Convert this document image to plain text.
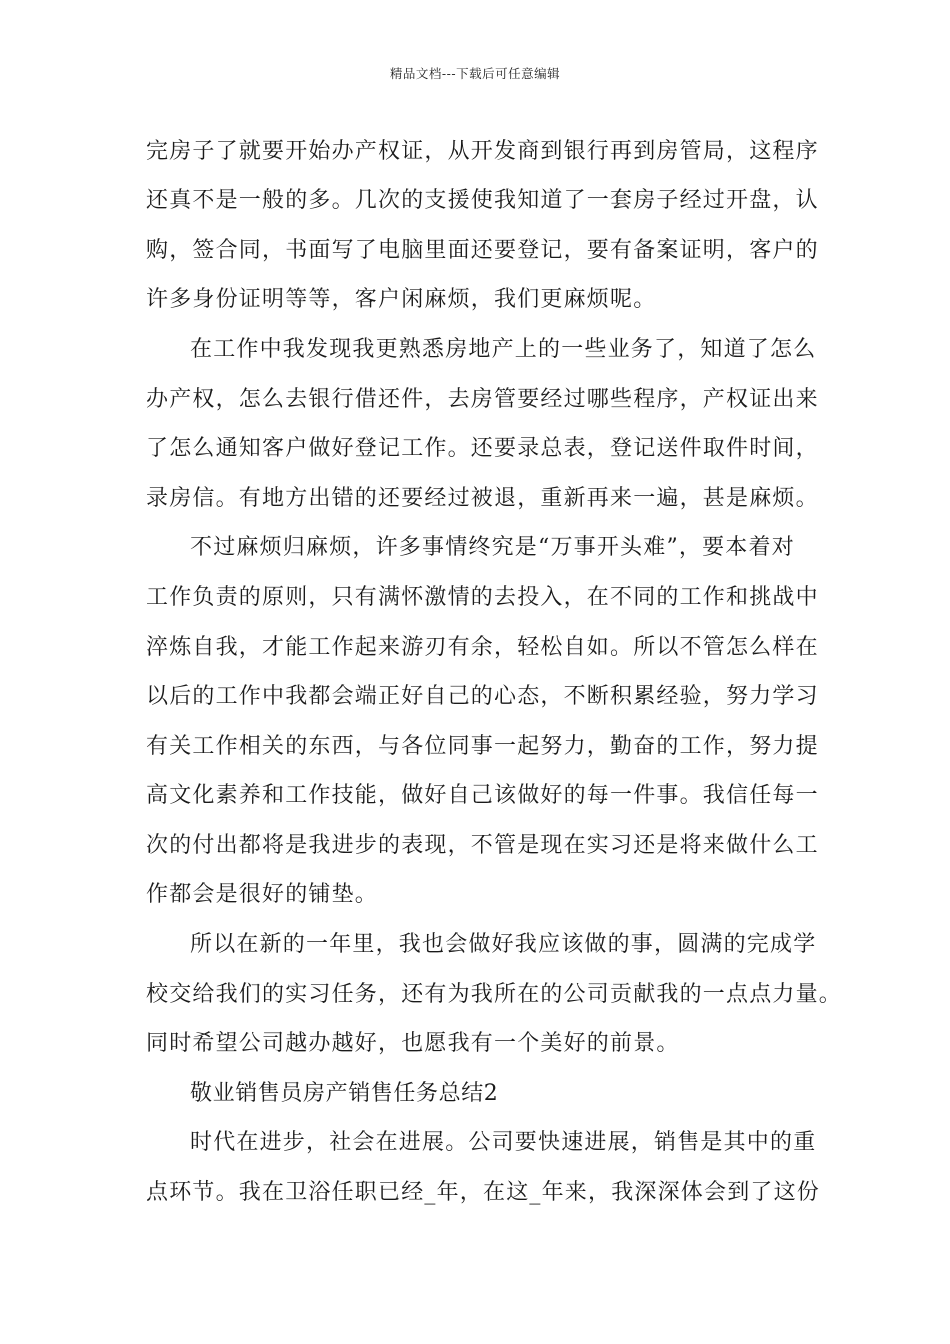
精品文档---下载后可任意编辑
完房子了就要开始办产权证，从开发商到银行再到房管局，这程序
还真不是一般的多。几次的支援使我知道了一套房子经过开盘，认
购，签合同，书面写了电脑里面还要登记，要有备案证明，客户的
许多身份证明等等，客户闲麻烦，我们更麻烦呢。
在工作中我发现我更熟悉房地产上的一些业务了，知道了怎么
办产权，怎么去银行借还件，去房管要经过哪些程序，产权证出来
了怎么通知客户做好登记工作。还要录总表，登记送件取件时间，
录房信。有地方出错的还要经过被退，重新再来一遍，甚是麻烦。
不过麻烦归麻烦，许多事情终究是“万事开头难”，要本着对
工作负责的原则，只有满怀激情的去投入，在不同的工作和挑战中
淬炼自我，才能工作起来游刃有余，轻松自如。所以不管怎么样在
以后的工作中我都会端正好自己的心态，不断积累经验，努力学习
有关工作相关的东西，与各位同事一起努力，勤奋的工作，努力提
高文化素养和工作技能，做好自己该做好的每一件事。我信任每一
次的付出都将是我进步的表现，不管是现在实习还是将来做什么工
作都会是很好的铺垫。
所以在新的一年里，我也会做好我应该做的事，圆满的完成学
校交给我们的实习任务，还有为我所在的公司贡献我的一点点力量。
同时希望公司越办越好，也愿我有一个美好的前景。
敬业销售员房产销售任务总结2
时代在进步，社会在进展。公司要快速进展，销售是其中的重
点环节。我在卫浴任职已经_年，在这_年来，我深深体会到了这份
